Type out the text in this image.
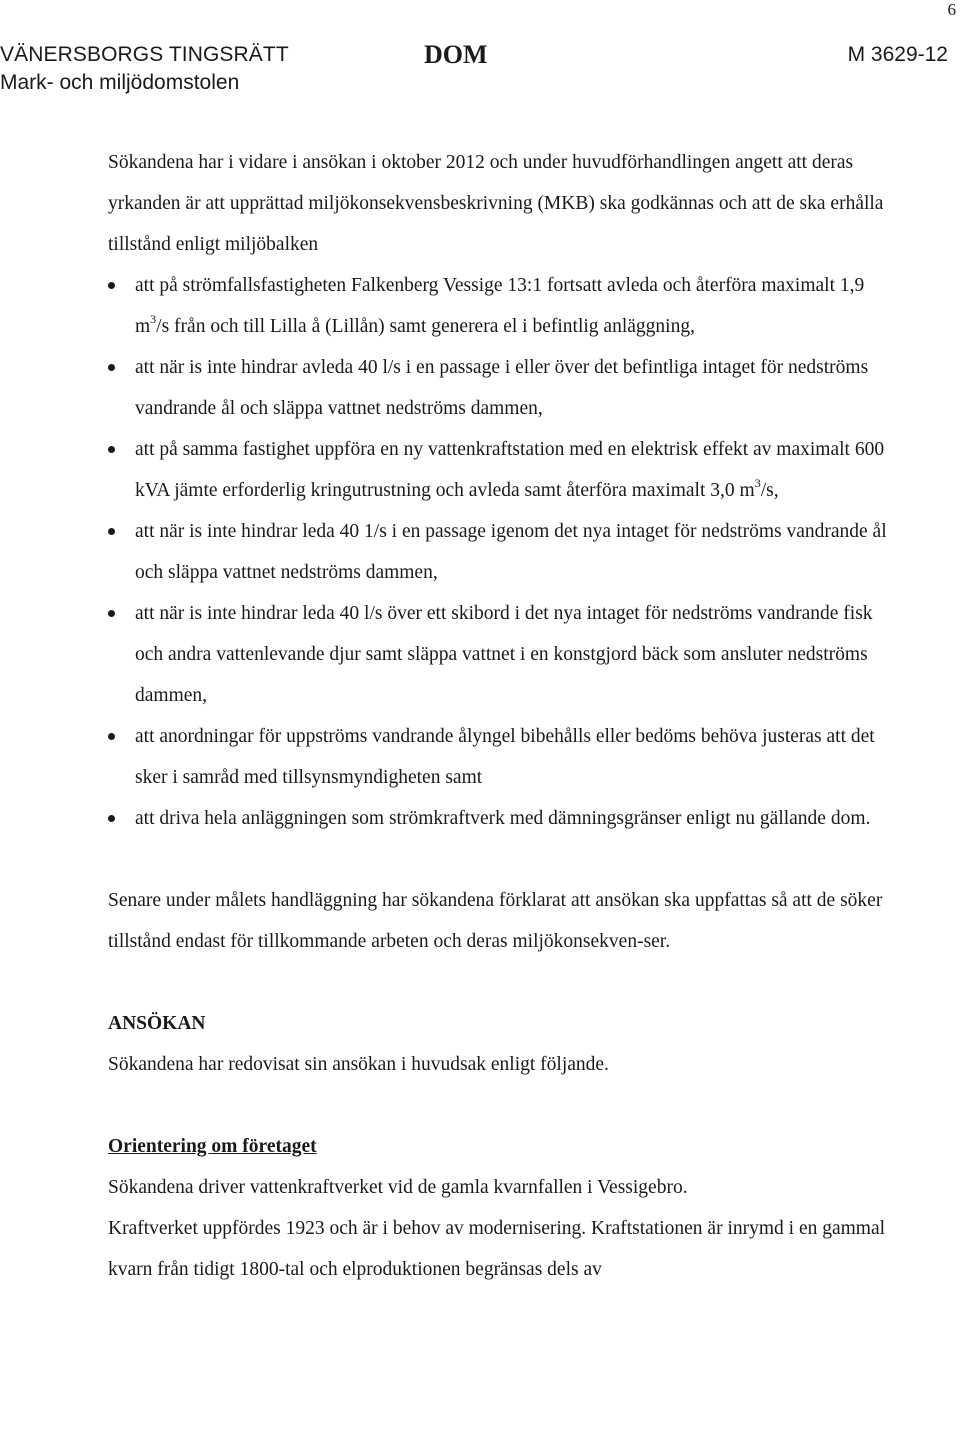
6
VÄNERSBORGS TINGSRÄTT
Mark- och miljödomstolen
DOM	M 3629-12

Sökandena har i vidare i ansökan i oktober 2012 och under huvudförhandlingen angett att deras yrkanden är att upprättad miljökonsekvensbeskrivning (MKB) ska godkännas och att de ska erhålla tillstånd enligt miljöbalken

att på strömfallsfastigheten Falkenberg Vessige 13:1 fortsatt avleda och återföra maximalt 1,9 $m^3/s$ från och till Lilla å (Lillån) samt generera el i befintlig anläggning,
att när is inte hindrar avleda 40 l/s i en passage i eller över det befintliga intaget för nedströms vandrande ål och släppa vattnet nedströms dammen,
att på samma fastighet uppföra en ny vattenkraftstation med en elektrisk effekt av maximalt 600 kVA jämte erforderlig kringutrustning och avleda samt återföra maximalt 3,0 $m^3/s$,
att när is inte hindrar leda 40 1/s i en passage igenom det nya intaget för nedströms vandrande ål och släppa vattnet nedströms dammen,
att när is inte hindrar leda 40 l/s över ett skibord i det nya intaget för nedströms vandrande fisk och andra vattenlevande djur samt släppa vattnet i en konstgjord bäck som ansluter nedströms dammen,
att anordningar för uppströms vandrande ålyngel bibehålls eller bedöms behöva justeras att det sker i samråd med tillsynsmyndigheten samt
att driva hela anläggningen som strömkraftverk med dämningsgränser enligt nu gällande dom.

Senare under målets handläggning har sökandena förklarat att ansökan ska uppfattas så att de söker tillstånd endast för tillkommande arbeten och deras miljökonsekven-ser.

ANSÖKAN

Sökandena har redovisat sin ansökan i huvudsak enligt följande.

Orientering om företaget

Sökandena driver vattenkraftverket vid de gamla kvarnfallen i Vessigebro.

Kraftverket uppfördes 1923 och är i behov av modernisering. Kraftstationen är inrymd i en gammal kvarn från tidigt 1800-tal och elproduktionen begränsas dels av
